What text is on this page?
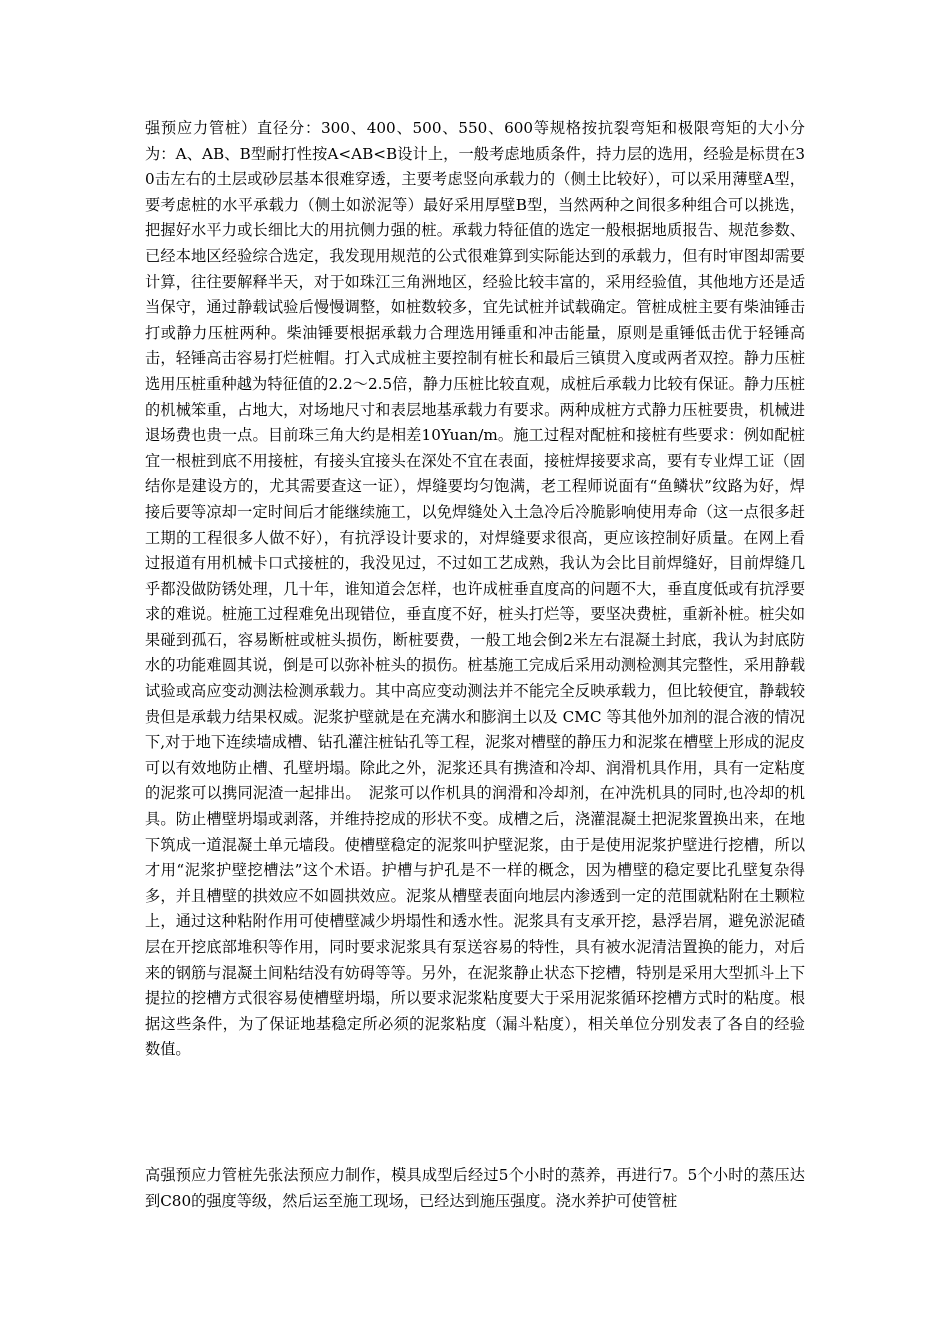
强预应力管桩）直径分：300、400、500、550、600等规格按抗裂弯矩和极限弯矩的大小分为：A、AB、B型耐打性按A<AB<B设计上，一般考虑地质条件，持力层的选用，经验是标贯在30击左右的土层或砂层基本很难穿透，主要考虑竖向承载力的（侧土比较好），可以采用薄壁A型，要考虑桩的水平承载力（侧土如淤泥等）最好采用厚壁B型，当然两种之间很多种组合可以挑选，把握好水平力或长细比大的用抗侧力强的桩。承载力特征值的选定一般根据地质报告、规范参数、已经本地区经验综合选定，我发现用规范的公式很难算到实际能达到的承载力，但有时审图却需要计算，往往要解释半天，对于如珠江三角洲地区，经验比较丰富的，采用经验值，其他地方还是适当保守，通过静载试验后慢慢调整，如桩数较多，宜先试桩并试载确定。管桩成桩主要有柴油锤击打或静力压桩两种。柴油锤要根据承载力合理选用锤重和冲击能量，原则是重锤低击优于轻锤高击，轻锤高击容易打烂桩帽。打入式成桩主要控制有桩长和最后三镇贯入度或两者双控。静力压桩选用压桩重种越为特征值的2.2～2.5倍，静力压桩比较直观，成桩后承载力比较有保证。静力压桩的机械笨重，占地大，对场地尺寸和表层地基承载力有要求。两种成桩方式静力压桩要贵，机械进退场费也贵一点。目前珠三角大约是相差10Yuan/m。施工过程对配桩和接桩有些要求：例如配桩宜一根桩到底不用接桩，有接头宜接头在深处不宜在表面，接桩焊接要求高，要有专业焊工证（固结你是建设方的，尤其需要查这一证），焊缝要均匀饱满，老工程师说面有“鱼鳞状”纹路为好，焊接后要等凉却一定时间后才能继续施工，以免焊缝处入土急冷后冷脆影响使用寿命（这一点很多赶工期的工程很多人做不好），有抗浮设计要求的，对焊缝要求很高，更应该控制好质量。在网上看过报道有用机械卡口式接桩的，我没见过，不过如工艺成熟，我认为会比目前焊缝好，目前焊缝几乎都没做防锈处理，几十年，谁知道会怎样，也许成桩垂直度高的问题不大，垂直度低或有抗浮要求的难说。桩施工过程难免出现错位，垂直度不好，桩头打烂等，要坚决费桩，重新补桩。桩尖如果碰到孤石，容易断桩或桩头损伤，断桩要费，一般工地会倒2米左右混凝土封底，我认为封底防水的功能难圆其说，倒是可以弥补桩头的损伤。桩基施工完成后采用动测检测其完整性，采用静载试验或高应变动测法检测承载力。其中高应变动测法并不能完全反映承载力，但比较便宜，静载较贵但是承载力结果权威。泥浆护壁就是在充满水和膨润土以及 CMC 等其他外加剂的混合液的情况下,对于地下连续墙成槽、钻孔灌注桩钻孔等工程，泥浆对槽壁的静压力和泥浆在槽壁上形成的泥皮可以有效地防止槽、孔壁坍塌。除此之外，泥浆还具有携渣和冷却、润滑机具作用，具有一定粘度的泥浆可以携同泥渣一起排出。　泥浆可以作机具的润滑和冷却剂，在冲洗机具的同时,也冷却的机具。防止槽壁坍塌或剥落，并维持挖成的形状不变。成槽之后，浇灌混凝土把泥浆置换出来，在地下筑成一道混凝土单元墙段。使槽壁稳定的泥浆叫护壁泥浆，由于是使用泥浆护壁进行挖槽，所以才用“泥浆护壁挖槽法”这个术语。护槽与护孔是不一样的概念，因为槽壁的稳定要比孔壁复杂得多，并且槽壁的拱效应不如圆拱效应。泥浆从槽壁表面向地层内渗透到一定的范围就粘附在土颗粒上，通过这种粘附作用可使槽壁减少坍塌性和透水性。泥浆具有支承开挖，悬浮岩屑，避免淤泥碴层在开挖底部堆积等作用，同时要求泥浆具有泵送容易的特性，具有被水泥清洁置换的能力，对后来的钢筋与混凝土间粘结没有妨碍等等。另外，在泥浆静止状态下挖槽，特别是采用大型抓斗上下提拉的挖槽方式很容易使槽壁坍塌，所以要求泥浆粘度要大于采用泥浆循环挖槽方式时的粘度。根据这些条件，为了保证地基稳定所必须的泥浆粘度（漏斗粘度），相关单位分别发表了各自的经验数值。

高强预应力管桩先张法预应力制作，模具成型后经过5个小时的蒸养，再进行7。5个小时的蒸压达到C80的强度等级，然后运至施工现场，已经达到施压强度。浇水养护可使管桩
